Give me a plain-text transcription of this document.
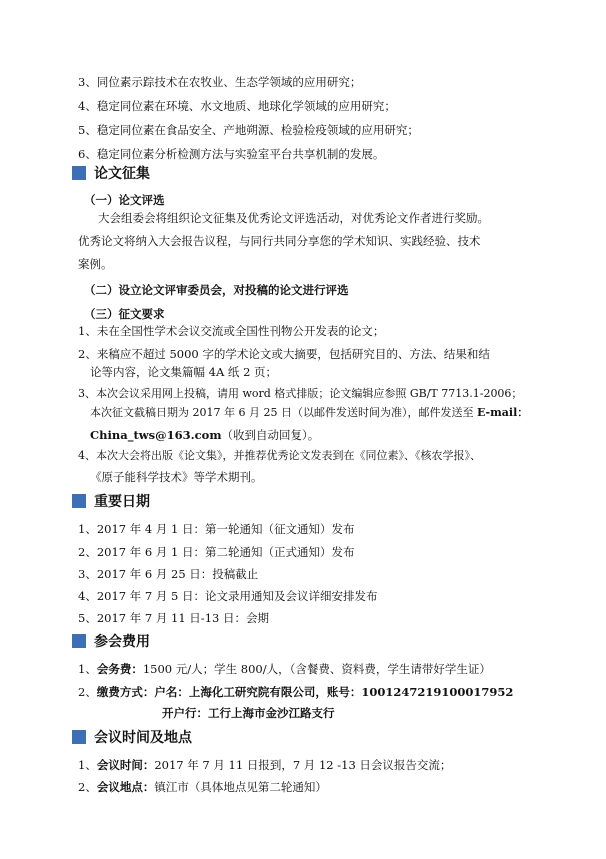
3、同位素示踪技术在农牧业、生态学领域的应用研究；
4、稳定同位素在环境、水文地质、地球化学领域的应用研究；
5、稳定同位素在食品安全、产地朔源、检验检疫领域的应用研究；
6、稳定同位素分析检测方法与实验室平台共享机制的发展。
论文征集
（一）论文评选
大会组委会将组织论文征集及优秀论文评选活动，对优秀论文作者进行奖励。
优秀论文将纳入大会报告议程，与同行共同分享您的学术知识、实践经验、技术
案例。
（二）设立论文评审委员会，对投稿的论文进行评选
（三）征文要求
1、未在全国性学术会议交流或全国性刊物公开发表的论文；
2、来稿应不超过 5000 字的学术论文或大摘要，包括研究目的、方法、结果和结
论等内容，论文集篇幅 4A 纸 2 页；
3、本次会议采用网上投稿，请用 word 格式排版；论文编辑应参照 GB/T 7713.1-2006；
本次征文截稿日期为 2017 年 6 月 25 日（以邮件发送时间为准），邮件发送至 E-mail：
China_tws@163.com（收到自动回复）。
4、本次大会将出版《论文集》，并推荐优秀论文发表到在《同位素》、《核农学报》、
《原子能科学技术》等学术期刊。
重要日期
1、2017 年 4 月 1 日：第一轮通知（征文通知）发布
2、2017 年 6 月 1 日：第二轮通知（正式通知）发布
3、2017 年 6 月 25 日：投稿截止
4、2017 年 7 月 5 日：论文录用通知及会议详细安排发布
5、2017 年 7 月 11 日-13 日：会期
参会费用
1、会务费：1500 元/人；学生 800/人，（含餐费、资料费，学生请带好学生证）
2、缴费方式：户名：上海化工研究院有限公司，账号：1001247219100017952
开户行：工行上海市金沙江路支行
会议时间及地点
1、会议时间：2017 年 7 月 11 日报到，7 月 12 -13 日会议报告交流；
2、会议地点：镇江市（具体地点见第二轮通知）
